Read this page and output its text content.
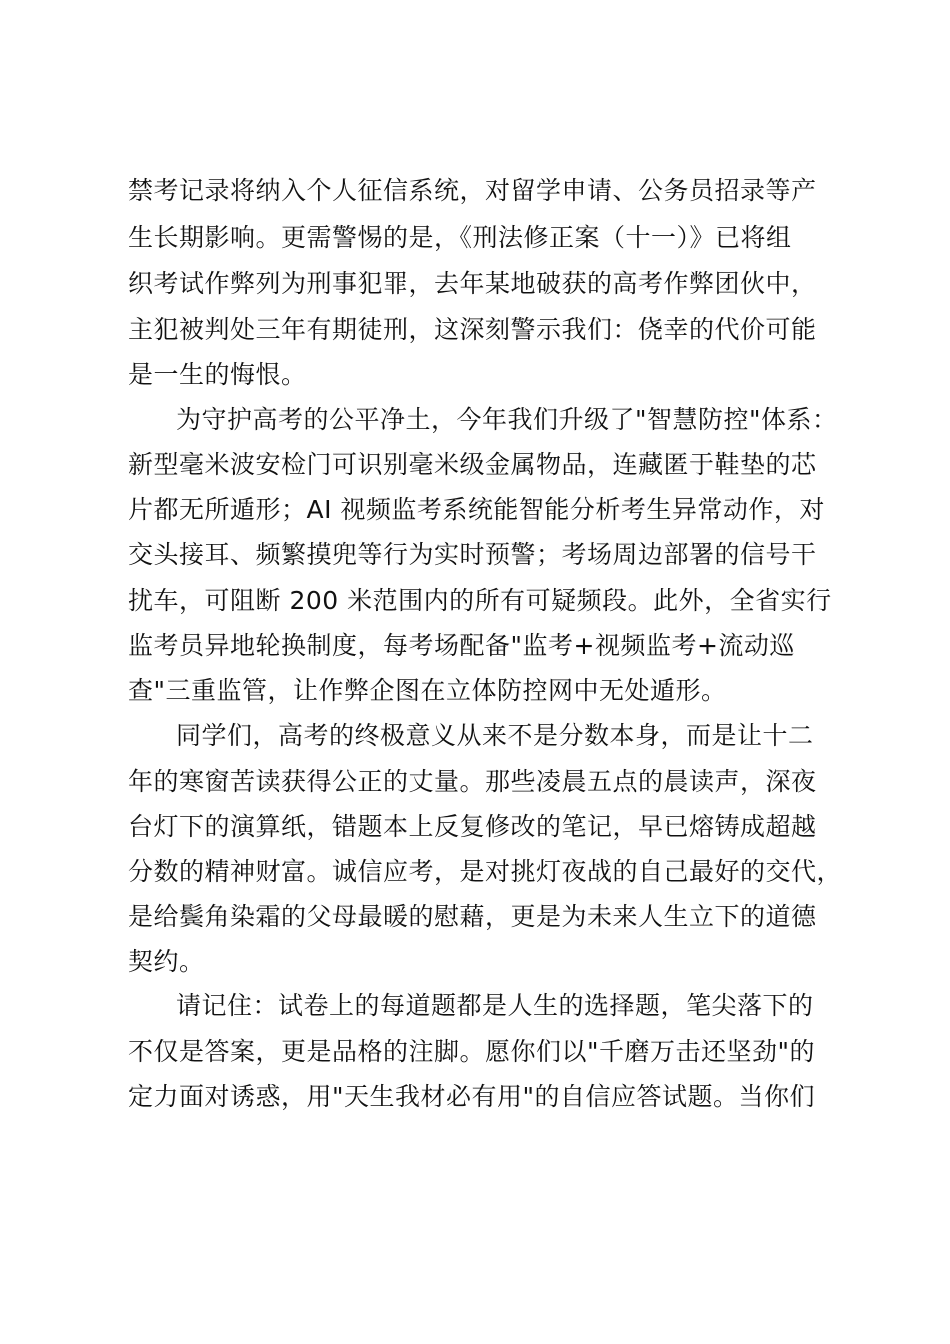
禁考记录将纳入个人征信系统，对留学申请、公务员招录等产

生长期影响。更需警惕的是，《刑法修正案（十一）》已将组

织考试作弊列为刑事犯罪，去年某地破获的高考作弊团伙中，

主犯被判处三年有期徒刑，这深刻警示我们：侥幸的代价可能

是一生的悔恨。

为守护高考的公平净土，今年我们升级了"智慧防控"体系：

新型毫米波安检门可识别毫米级金属物品，连藏匿于鞋垫的芯

片都无所遁形；AI 视频监考系统能智能分析考生异常动作，对

交头接耳、频繁摸兜等行为实时预警；考场周边部署的信号干

扰车，可阻断 200 米范围内的所有可疑频段。此外，全省实行

监考员异地轮换制度，每考场配备"监考+视频监考+流动巡

查"三重监管，让作弊企图在立体防控网中无处遁形。

同学们，高考的终极意义从来不是分数本身，而是让十二

年的寒窗苦读获得公正的丈量。那些凌晨五点的晨读声，深夜

台灯下的演算纸，错题本上反复修改的笔记，早已熔铸成超越

分数的精神财富。诚信应考，是对挑灯夜战的自己最好的交代，

是给鬓角染霜的父母最暖的慰藉，更是为未来人生立下的道德

契约。

请记住：试卷上的每道题都是人生的选择题，笔尖落下的

不仅是答案，更是品格的注脚。愿你们以"千磨万击还坚劲"的

定力面对诱惑，用"天生我材必有用"的自信应答试题。当你们
